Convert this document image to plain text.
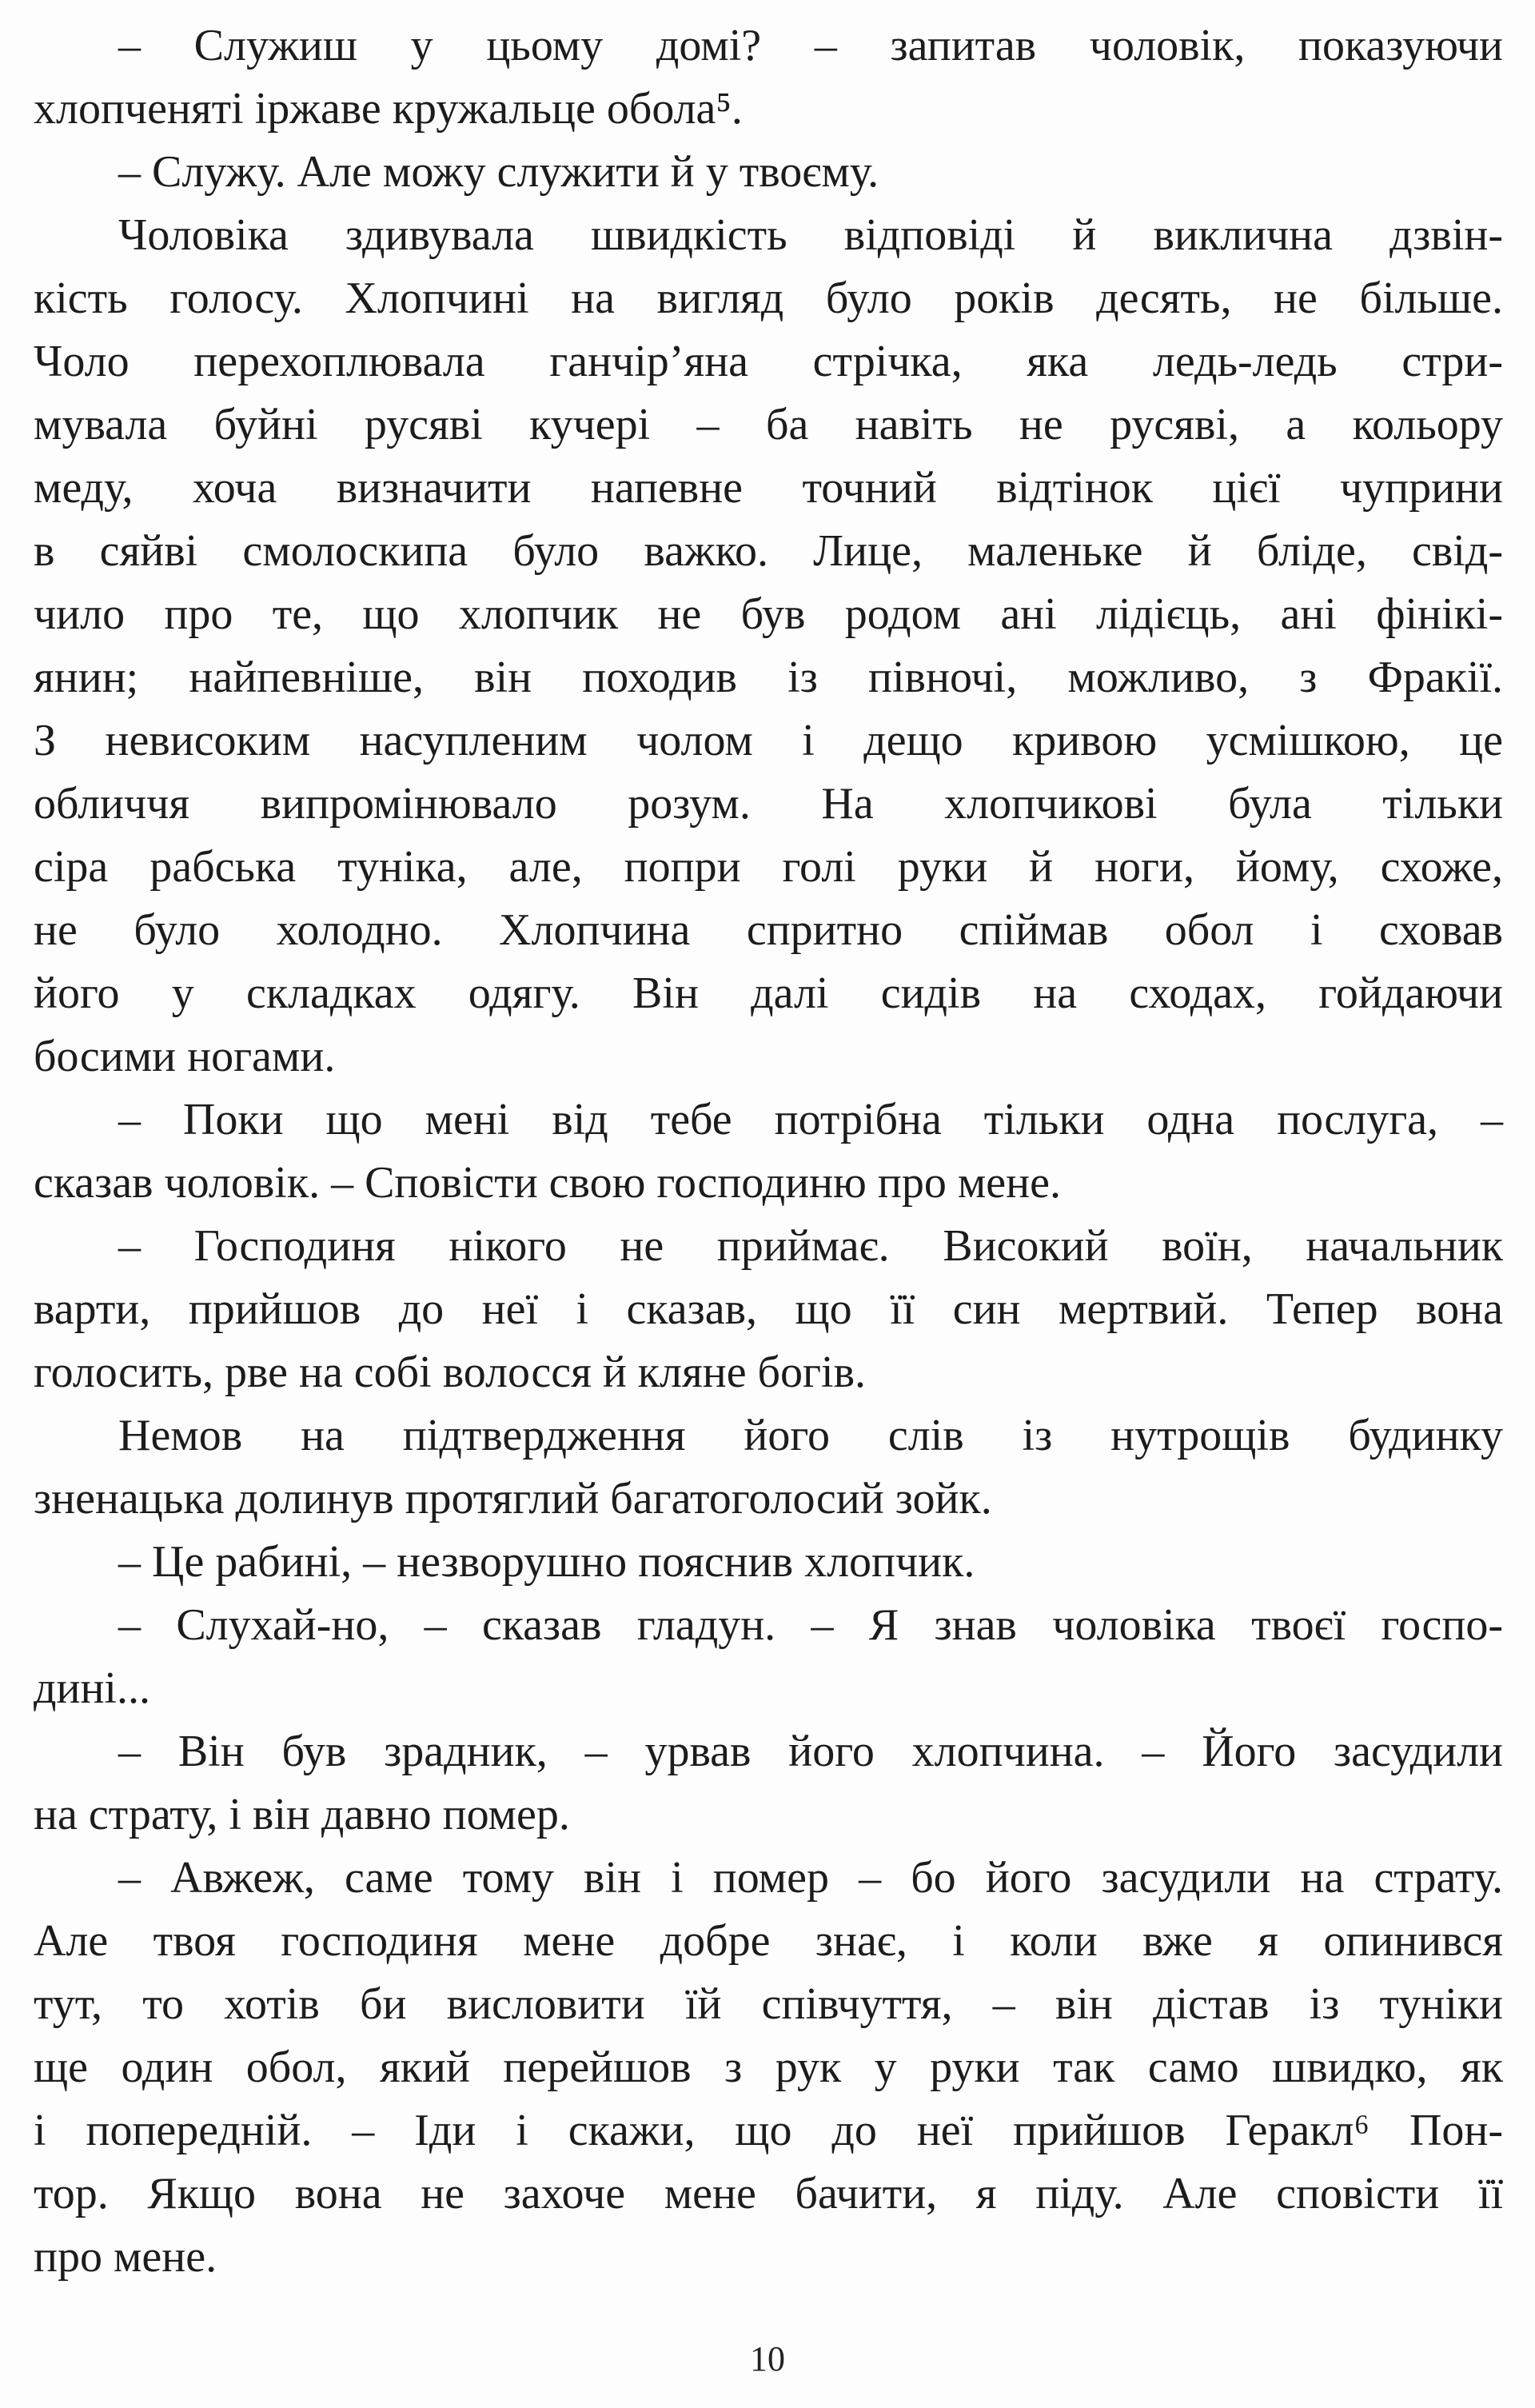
– Служиш у цьому домі? – запитав чоловік, показуючи
хлопченяті іржаве кружальце обола⁵.
– Служу. Але можу служити й у твоєму.
Чоловіка здивувала швидкість відповіді й виклична дзвін-
кість голосу. Хлопчині на вигляд було років десять, не більше.
Чоло перехоплювала ганчір’яна стрічка, яка ледь-ледь стри-
мувала буйні русяві кучері – ба навіть не русяві, а кольору
меду, хоча визначити напевне точний відтінок цієї чуприни
в сяйві смолоскипа було важко. Лице, маленьке й бліде, свід-
чило про те, що хлопчик не був родом ані лідієць, ані фінікі-
янин; найпевніше, він походив із півночі, можливо, з Фракії.
З невисоким насупленим чолом і дещо кривою усмішкою, це
обличчя випромінювало розум. На хлопчикові була тільки
сіра рабська туніка, але, попри голі руки й ноги, йому, схоже,
не було холодно. Хлопчина спритно спіймав обол і сховав
його у складках одягу. Він далі сидів на сходах, гойдаючи
босими ногами.
– Поки що мені від тебе потрібна тільки одна послуга, –
сказав чоловік. – Сповісти свою господиню про мене.
– Господиня нікого не приймає. Високий воїн, начальник
варти, прийшов до неї і сказав, що її син мертвий. Тепер вона
голосить, рве на собі волосся й кляне богів.
Немов на підтвердження його слів із нутрощів будинку
зненацька долинув протяглий багатоголосий зойк.
– Це рабині, – незворушно пояснив хлопчик.
– Слухай-но, – сказав гладун. – Я знав чоловіка твоєї госпо-
дині...
– Він був зрадник, – урвав його хлопчина. – Його засудили
на страту, і він давно помер.
– Авжеж, саме тому він і помер – бо його засудили на страту.
Але твоя господиня мене добре знає, і коли вже я опинився
тут, то хотів би висловити їй співчуття, – він дістав із туніки
ще один обол, який перейшов з рук у руки так само швидко, як
і попередній. – Іди і скажи, що до неї прийшов Геракл⁶ Пон-
тор. Якщо вона не захоче мене бачити, я піду. Але сповісти її
про мене.
10
